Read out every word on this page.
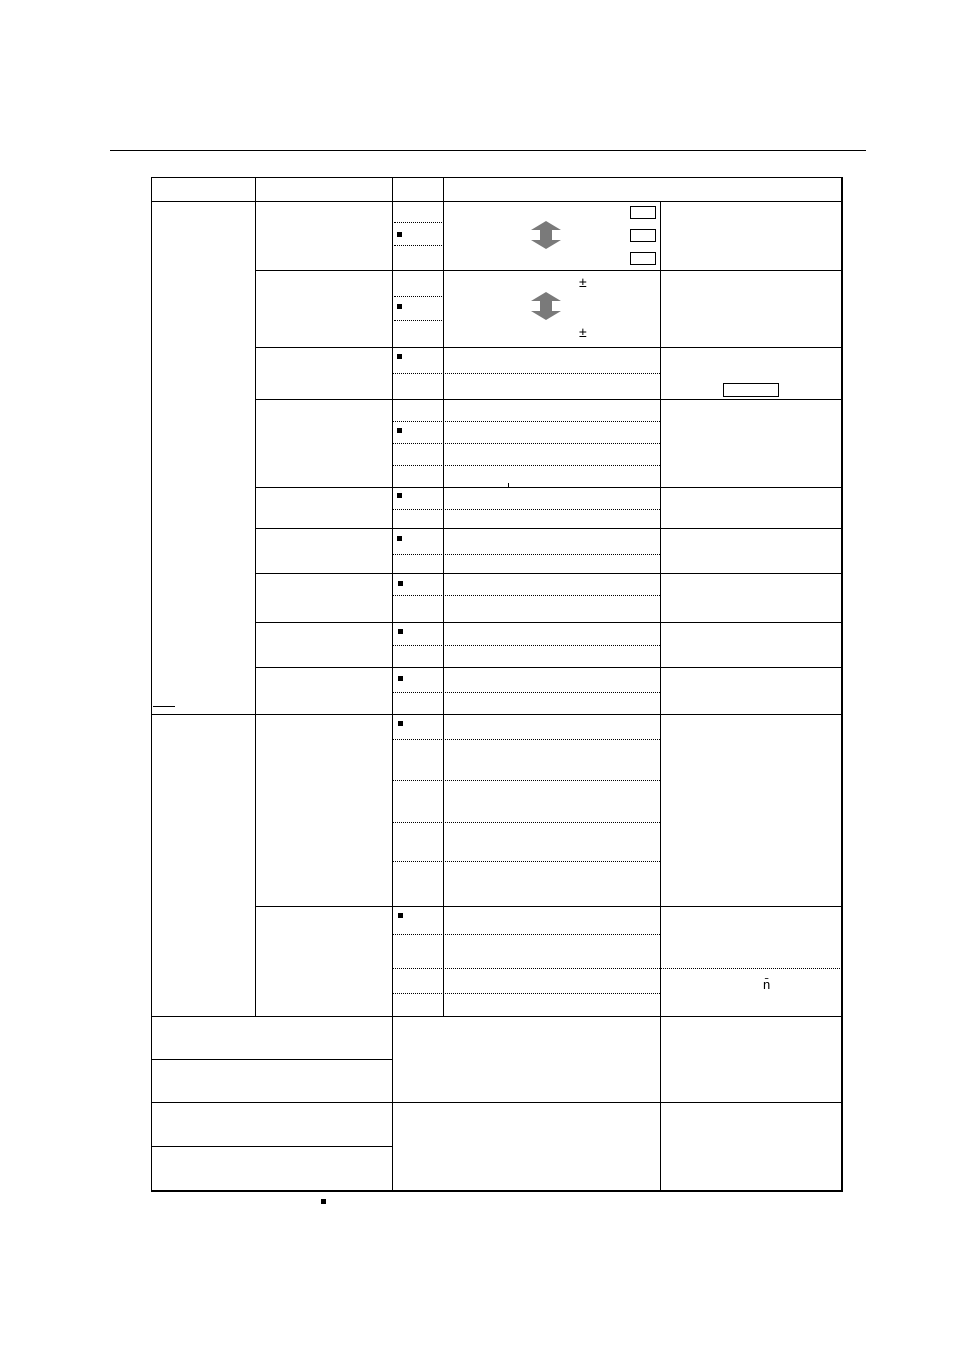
±
±
n̄
